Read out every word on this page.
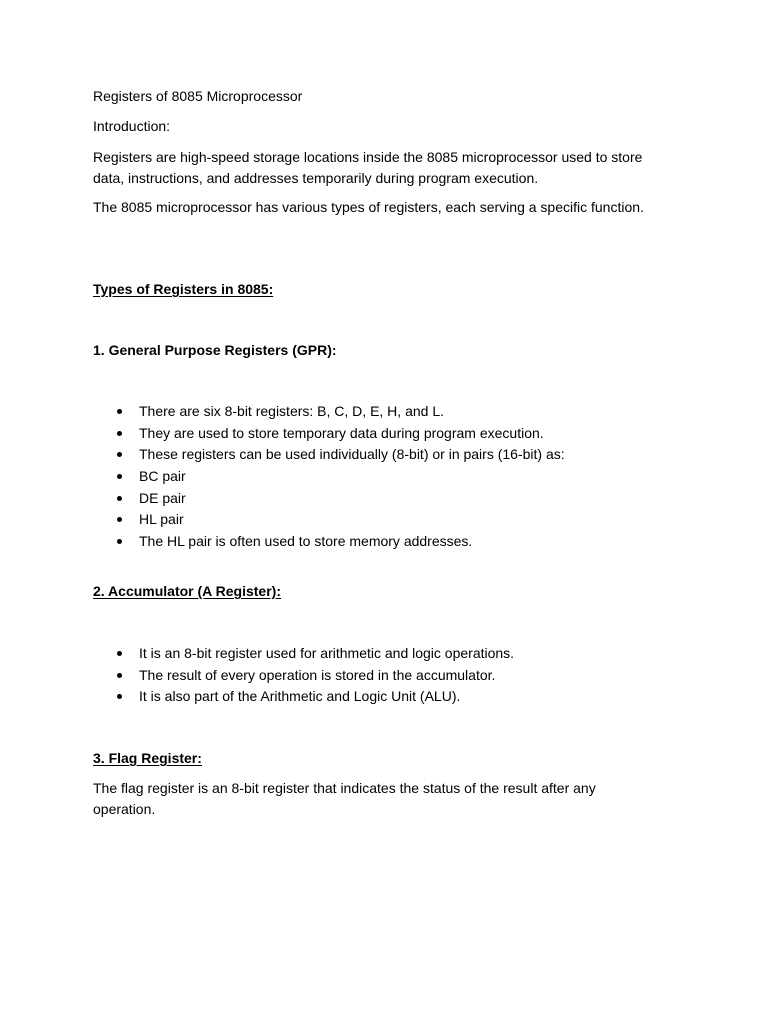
Registers of 8085 Microprocessor

Introduction:

Registers are high-speed storage locations inside the 8085 microprocessor used to store data, instructions, and addresses temporarily during program execution.

The 8085 microprocessor has various types of registers, each serving a specific function.

Types of Registers in 8085:

1. General Purpose Registers (GPR):

There are six 8-bit registers: B, C, D, E, H, and L.
They are used to store temporary data during program execution.
These registers can be used individually (8-bit) or in pairs (16-bit) as:
BC pair
DE pair
HL pair
The HL pair is often used to store memory addresses.

2. Accumulator (A Register):

It is an 8-bit register used for arithmetic and logic operations.
The result of every operation is stored in the accumulator.
It is also part of the Arithmetic and Logic Unit (ALU).

3. Flag Register:

The flag register is an 8-bit register that indicates the status of the result after any operation.
